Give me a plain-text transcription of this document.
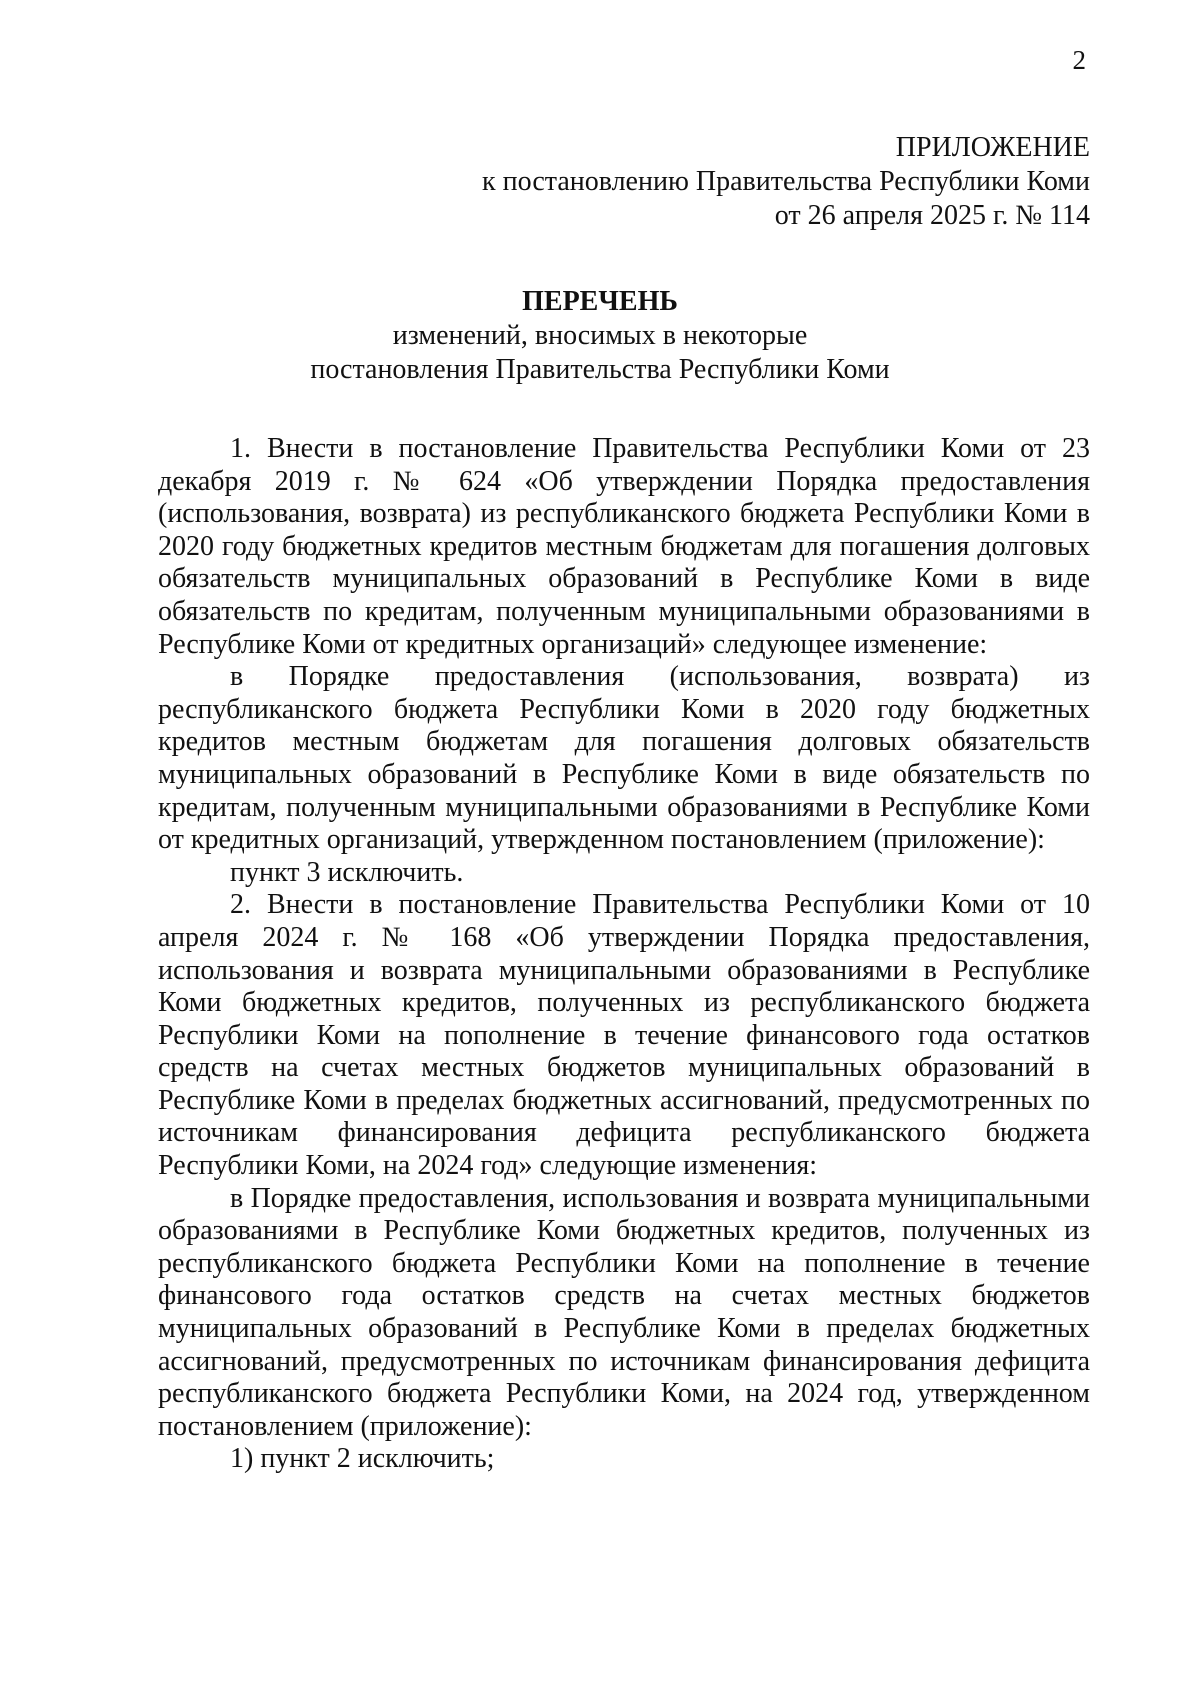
2
ПРИЛОЖЕНИЕ
к постановлению Правительства Республики Коми
от 26 апреля 2025 г. № 114
ПЕРЕЧЕНЬ
изменений, вносимых в некоторые
постановления Правительства Республики Коми

1. Внести в постановление Правительства Республики Коми от 23 декабря 2019 г. № 624 «Об утверждении Порядка предоставления (использования, возврата) из республиканского бюджета Республики Коми в 2020 году бюджетных кредитов местным бюджетам для погашения долговых обязательств муниципальных образований в Республике Коми в виде обязательств по кредитам, полученным муниципальными образованиями в Республике Коми от кредитных организаций» следующее изменение:

в Порядке предоставления (использования, возврата) из республиканского бюджета Республики Коми в 2020 году бюджетных кредитов местным бюджетам для погашения долговых обязательств муниципальных образований в Республике Коми в виде обязательств по кредитам, полученным муниципальными образованиями в Республике Коми от кредитных организаций, утвержденном постановлением (приложение):

пункт 3 исключить.

2. Внести в постановление Правительства Республики Коми от 10 апреля 2024 г. № 168 «Об утверждении Порядка предоставления, использования и возврата муниципальными образованиями в Республике Коми бюджетных кредитов, полученных из республиканского бюджета Республики Коми на пополнение в течение финансового года остатков средств на счетах местных бюджетов муниципальных образований в Республике Коми в пределах бюджетных ассигнований, предусмотренных по источникам финансирования дефицита республиканского бюджета Республики Коми, на 2024 год» следующие изменения:

в Порядке предоставления, использования и возврата муниципальными образованиями в Республике Коми бюджетных кредитов, полученных из республиканского бюджета Республики Коми на пополнение в течение финансового года остатков средств на счетах местных бюджетов муниципальных образований в Республике Коми в пределах бюджетных ассигнований, предусмотренных по источникам финансирования дефицита республиканского бюджета Республики Коми, на 2024 год, утвержденном постановлением (приложение):

1) пункт 2 исключить;
